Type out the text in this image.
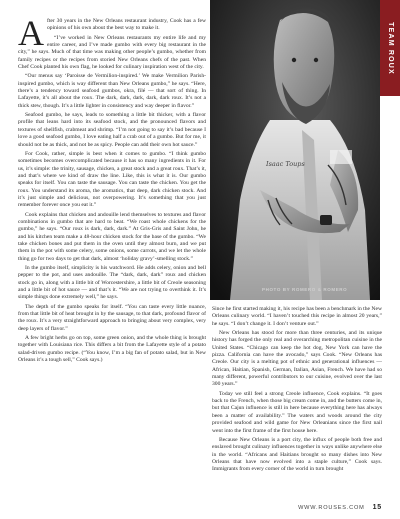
TEAM ROUX

After 30 years in the New Orleans restaurant industry, Cook has a few opinions of his own about the best way to make it.

“I’ve worked in New Orleans restaurants my entire life and my entire career, and I’ve made gumbo with every big restaurant in the city,” he says. Much of that time was making other people’s gumbo, whether from family recipes or the recipes from storied New Orleans chefs of the past. When Chef Cook planted his own flag, he looked for culinary inspiration west of the city.

“Our menus say ‘Paroisse de Vermilion-inspired.’ We make Vermilion Parish-inspired gumbo, which is way different than New Orleans gumbo,” he says. “Here, there’s a tendency toward seafood gumbos, okra, filé — that sort of thing. In Lafayette, it’s all about the roux. The dark, dark, dark, dark, dark roux. It’s not a thick stew, though. It’s a little lighter in consistency and way deeper in flavor.”

Seafood gumbo, he says, leads to something a little bit thicker, with a flavor profile that leans hard into its seafood stock, and the pronounced flavors and textures of shellfish, crabmeat and shrimp. “I’m not going to say it’s bad because I love a good seafood gumbo, I love eating half a crab out of a gumbo. But for me, it should not be as thick, and not be as spicy. People can add their own hot sauce.”

For Cook, rather, simple is best when it comes to gumbo. “I think gumbo sometimes becomes overcomplicated because it has so many ingredients in it. For us, it’s simple: the trinity, sausage, chicken, a great stock and a great roux. That’s it, and that’s where we kind of draw the line. Like, this is what it is. Our gumbo speaks for itself. You can taste the sausage. You can taste the chicken. You get the roux. You understand its aroma, the aromatics, that deep, dark chicken stock. And it’s just simple and delicious, not overpowering. It’s something that you just remember forever once you eat it.”

Cook explains that chicken and andouille lend themselves to textures and flavor combinations in gumbo that are hard to beat. “We roast whole chickens for the gumbo,” he says. “Our roux is dark, dark, dark.” At Gris-Gris and Saint John, he and his kitchen team make a 48-hour chicken stock for the base of the gumbo. “We take chicken bones and put them in the oven until they almost burn, and we put them in the pot with some celery, some onions, some carrots, and we let the whole thing go for two days to get that dark, almost ‘holiday gravy’-smelling stock.”

In the gumbo itself, simplicity is his watchword. He adds celery, onion and bell pepper to the pot, and uses andouille. The “dark, dark, dark” roux and chicken stock go in, along with a little bit of Worcestershire, a little bit of Creole seasoning and a little bit of hot sauce — and that’s it. “We are not trying to overthink it. It’s simple things done extremely well,” he says.

The depth of the gumbo speaks for itself. “You can taste every little nuance, from that little bit of heat brought in by the sausage, to that dark, profound flavor of the roux. It’s a very straightforward approach to bringing about very complex, very deep layers of flavor.”

A few bright herbs go on top, some green onion, and the whole thing is brought together with Louisiana rice. This differs a bit from the Lafayette style of a potato salad-driven gumbo recipe. (“You know, I’m a big fan of potato salad, but in New Orleans it’s a tough sell,” Cook says.)

Isaac Toups
PHOTO BY ROMERO & ROMERO

Since he first started making it, his recipe has been a benchmark in the New Orleans culinary world. “I haven’t touched this recipe in almost 20 years,” he says. “I don’t change it. I don’t venture out.”

New Orleans has stood for more than three centuries, and its unique history has forged the only real and overarching metropolitan cuisine in the United States. “Chicago can keep the hot dog, New York can have the pizza. California can have the avocado,” says Cook. “New Orleans has Creole. Our city is a melting pot of ethnic and generational influences — African, Haitian, Spanish, German, Italian, Asian, French. We have had so many different, powerful contributors to our cuisine, evolved over the last 300 years.”

Today we still feel a strong Creole influence, Cook explains. “It goes back to the French, when those big cream come in, and the butters come in, but that Cajun influence is still in here because everything here has always been a matter of availability.” The waters and woods around the city provided seafood and wild game for New Orleanians since the first nail went into the first frame of the first house here.

Because New Orleans is a port city, the influx of people both free and enslaved brought culinary influences together in ways unlike anywhere else in the world. “Africans and Haitians brought so many dishes into New Orleans that have now evolved into a staple culture,” Cook says. Immigrants from every corner of the world in turn brought

WWW.ROUSES.COM 15
